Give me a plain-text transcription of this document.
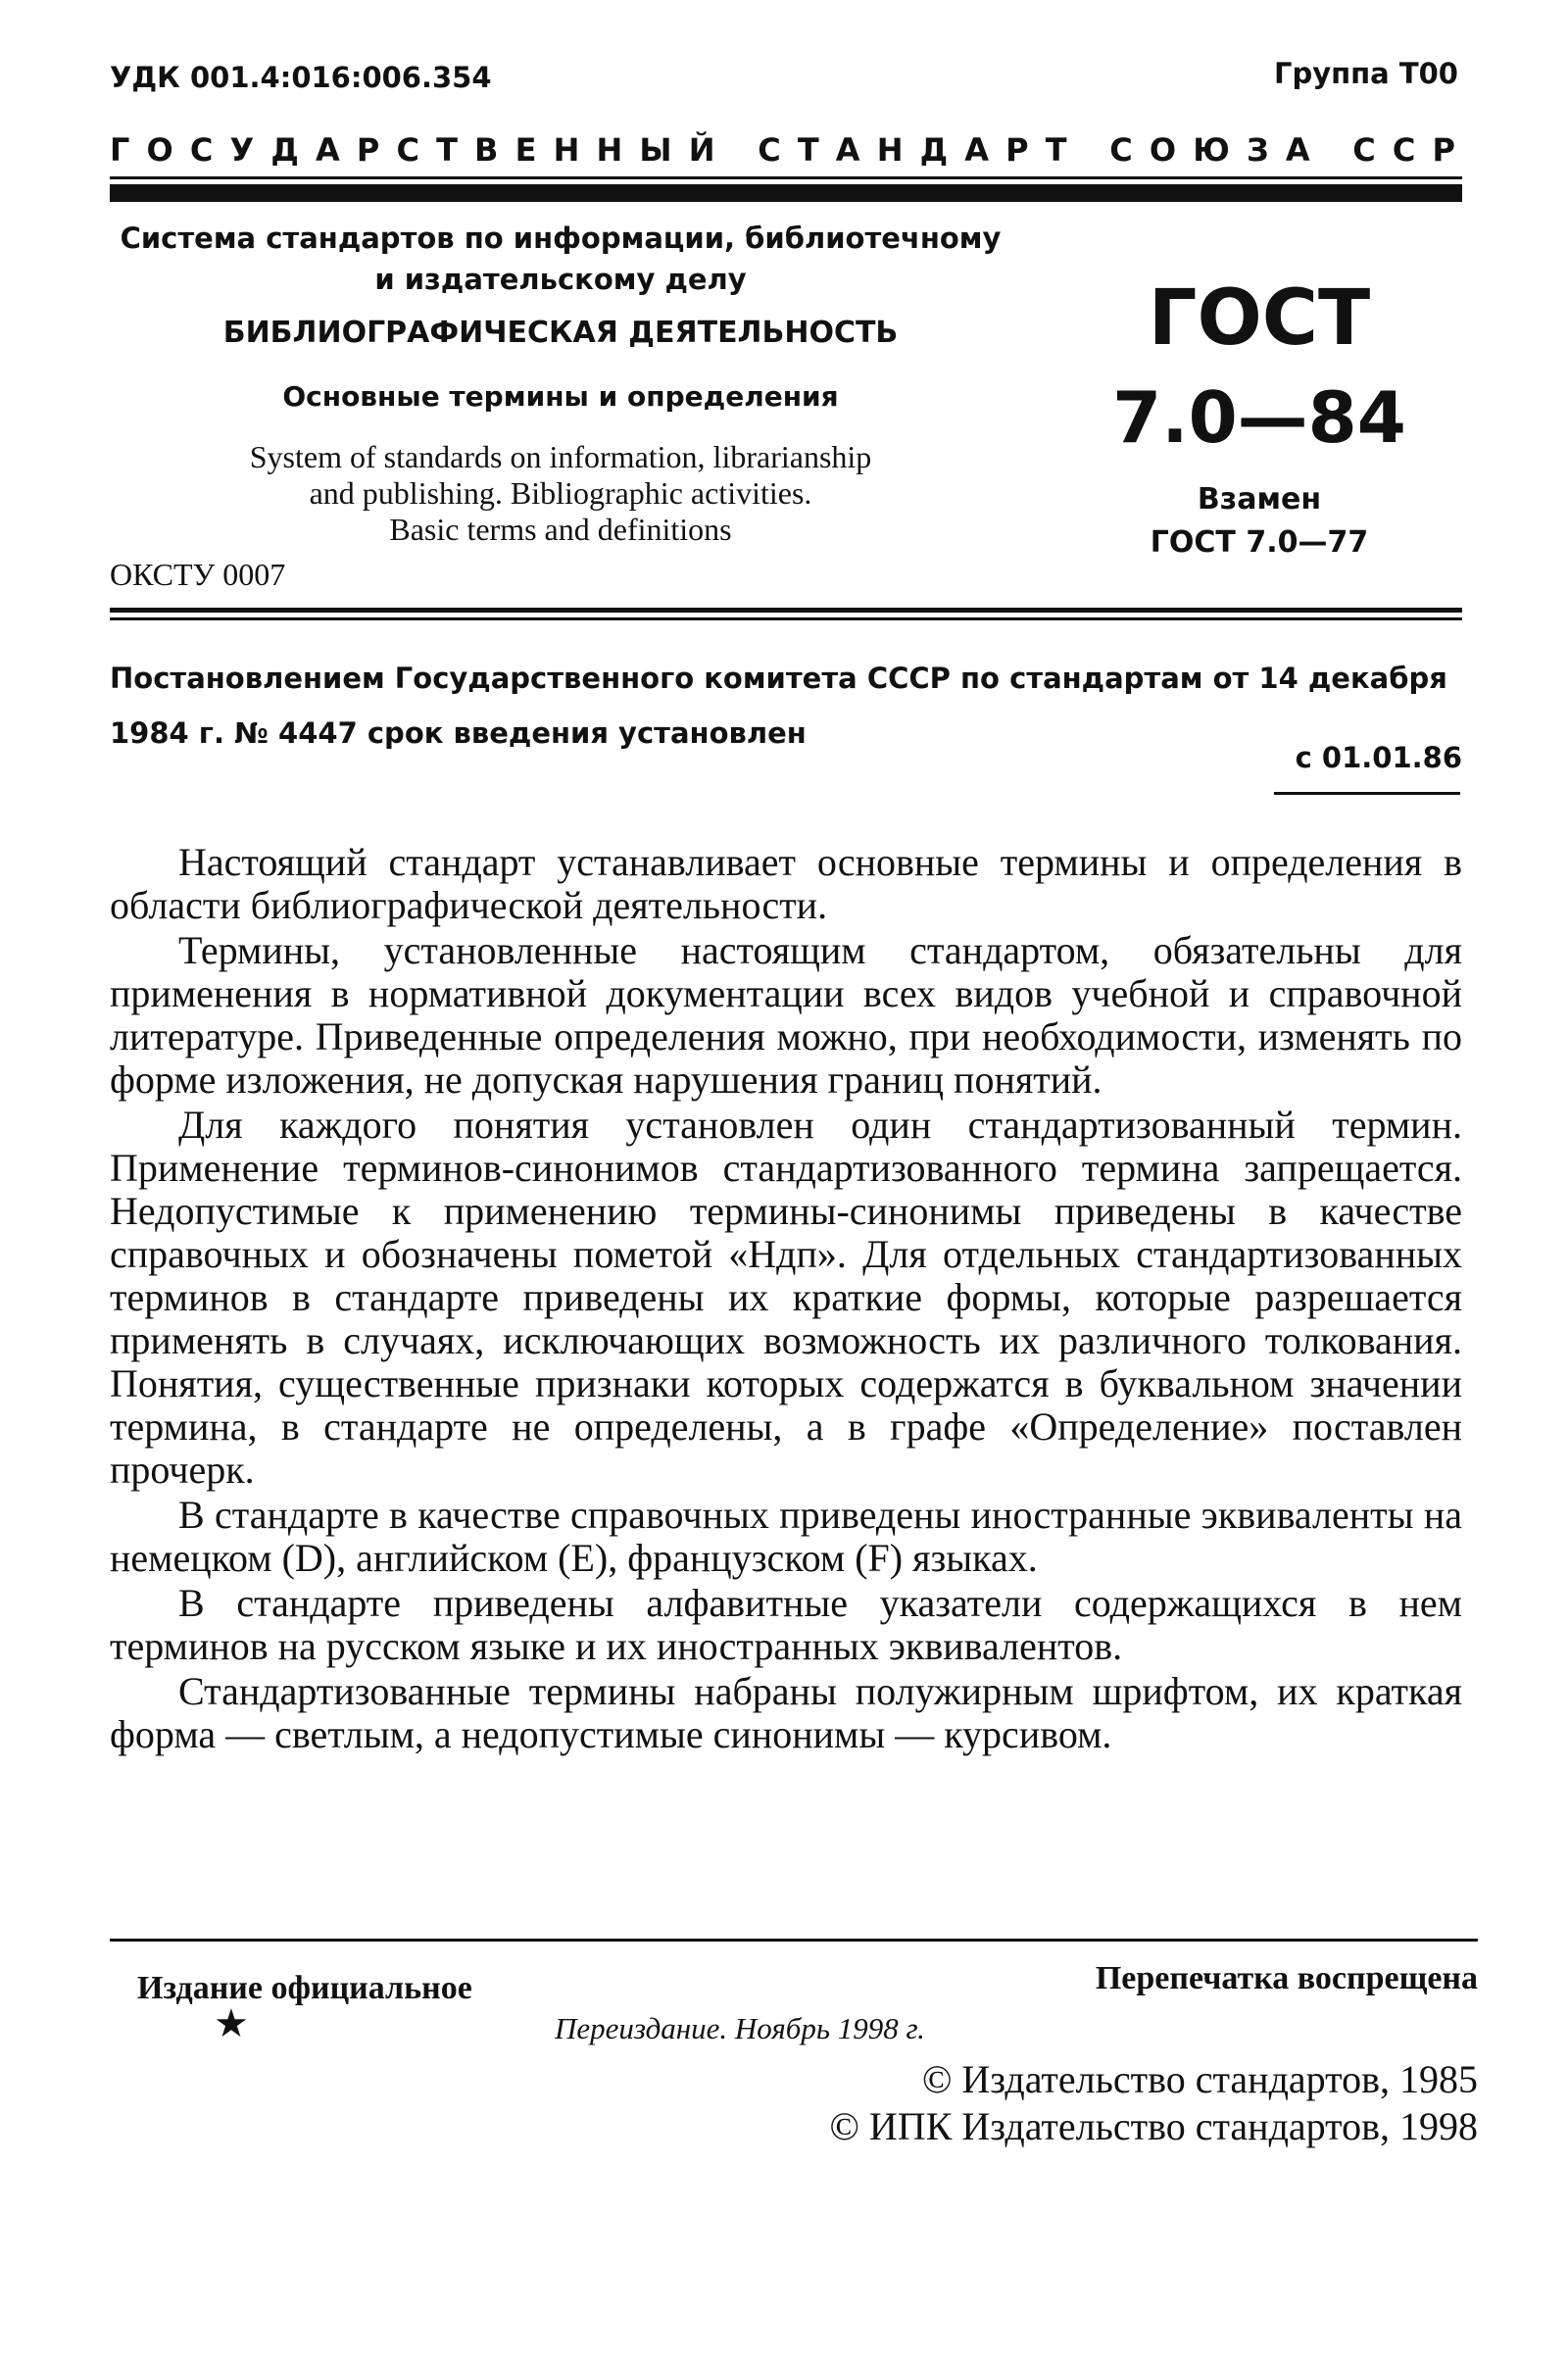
УДК 001.4:016:006.354	Группа Т00
Г О С У Д А Р С Т В Е Н Н Ы Й С Т А Н Д А Р Т С О Ю З А С С Р
Система стандартов по информации, библиотечному
и издательскому делу
БИБЛИОГРАФИЧЕСКАЯ ДЕЯТЕЛЬНОСТЬ
Основные термины и определения
System of standards on information, librarianship
and publishing. Bibliographic activities.
Basic terms and definitions
ОКСТУ 0007
ГОСТ
7.0—84
Взамен
ГОСТ 7.0—77
Постановлением Государственного комитета СССР по стандартам от 14 декабря 1984 г. № 4447 срок введения установлен
с 01.01.86

Настоящий стандарт устанавливает основные термины и определения в области библиографической деятельности.

Термины, установленные настоящим стандартом, обязательны для применения в нормативной документации всех видов учебной и справочной литературе. Приведенные определения можно, при необходимости, изменять по форме изложения, не допуская нарушения границ понятий.

Для каждого понятия установлен один стандартизованный термин. Применение терминов-синонимов стандартизованного термина запрещается. Недопустимые к применению термины-синонимы приведены в качестве справочных и обозначены пометой «Ндп». Для отдельных стандартизованных терминов в стандарте приведены их краткие формы, которые разрешается применять в случаях, исключающих возможность их различного толкования. Понятия, существенные признаки которых содержатся в буквальном значении термина, в стандарте не определены, а в графе «Определение» поставлен прочерк.

В стандарте в качестве справочных приведены иностранные эквиваленты на немецком (D), английском (E), французском (F) языках.

В стандарте приведены алфавитные указатели содержащихся в нем терминов на русском языке и их иностранных эквивалентов.

Стандартизованные термины набраны полужирным шрифтом, их краткая форма — светлым, а недопустимые синонимы — курсивом.

Издание официальное	Перепечатка воспрещена
★	Переиздание. Ноябрь 1998 г.
© Издательство стандартов, 1985
© ИПК Издательство стандартов, 1998
